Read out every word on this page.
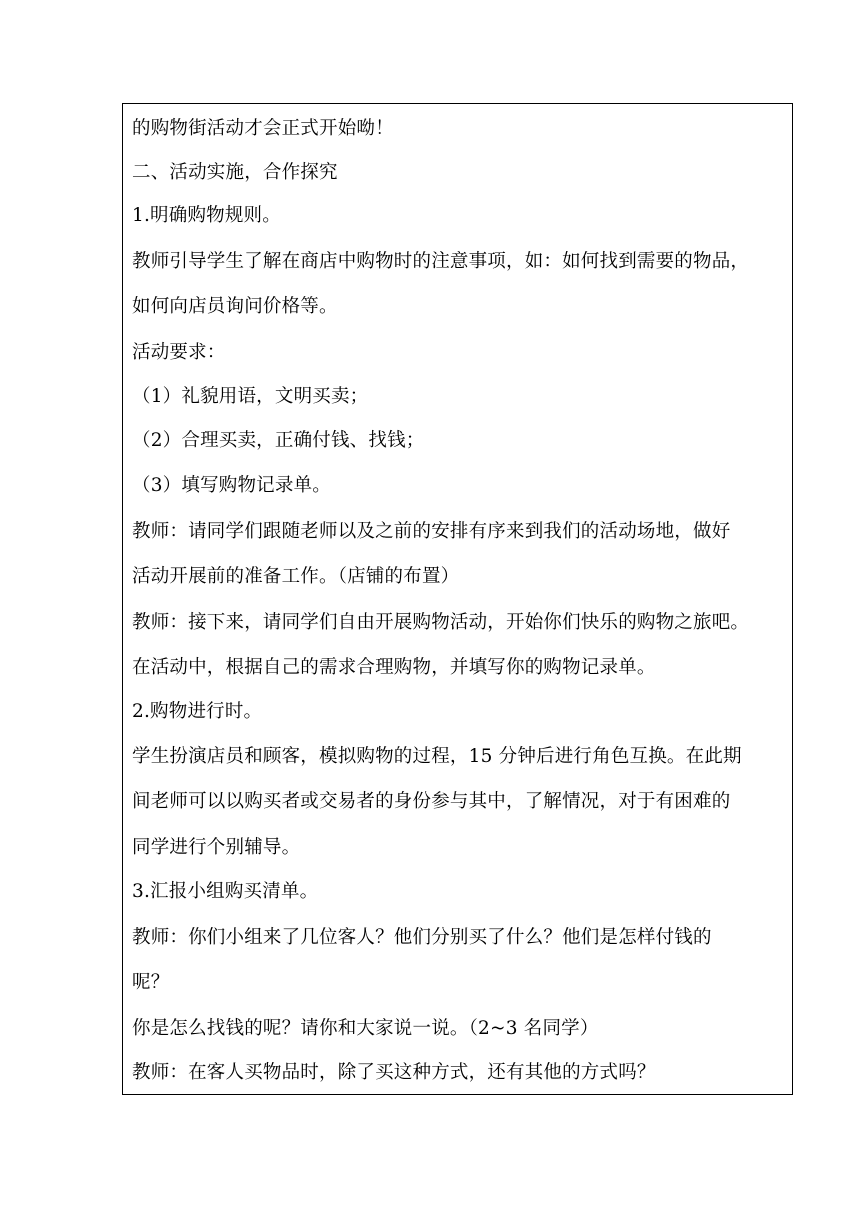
的购物街活动才会正式开始呦！
二、活动实施，合作探究
1.明确购物规则。
教师引导学生了解在商店中购物时的注意事项，如：如何找到需要的物品，
如何向店员询问价格等。
活动要求：
（1）礼貌用语，文明买卖；
（2）合理买卖，正确付钱、找钱；
（3）填写购物记录单。
教师：请同学们跟随老师以及之前的安排有序来到我们的活动场地，做好
活动开展前的准备工作。（店铺的布置）
教师：接下来，请同学们自由开展购物活动，开始你们快乐的购物之旅吧。
在活动中，根据自己的需求合理购物，并填写你的购物记录单。
2.购物进行时。
学生扮演店员和顾客，模拟购物的过程，15 分钟后进行角色互换。在此期
间老师可以以购买者或交易者的身份参与其中，了解情况，对于有困难的
同学进行个别辅导。
3.汇报小组购买清单。
教师：你们小组来了几位客人？他们分别买了什么？他们是怎样付钱的
呢？
你是怎么找钱的呢？请你和大家说一说。（2~3 名同学）
教师：在客人买物品时，除了买这种方式，还有其他的方式吗？
